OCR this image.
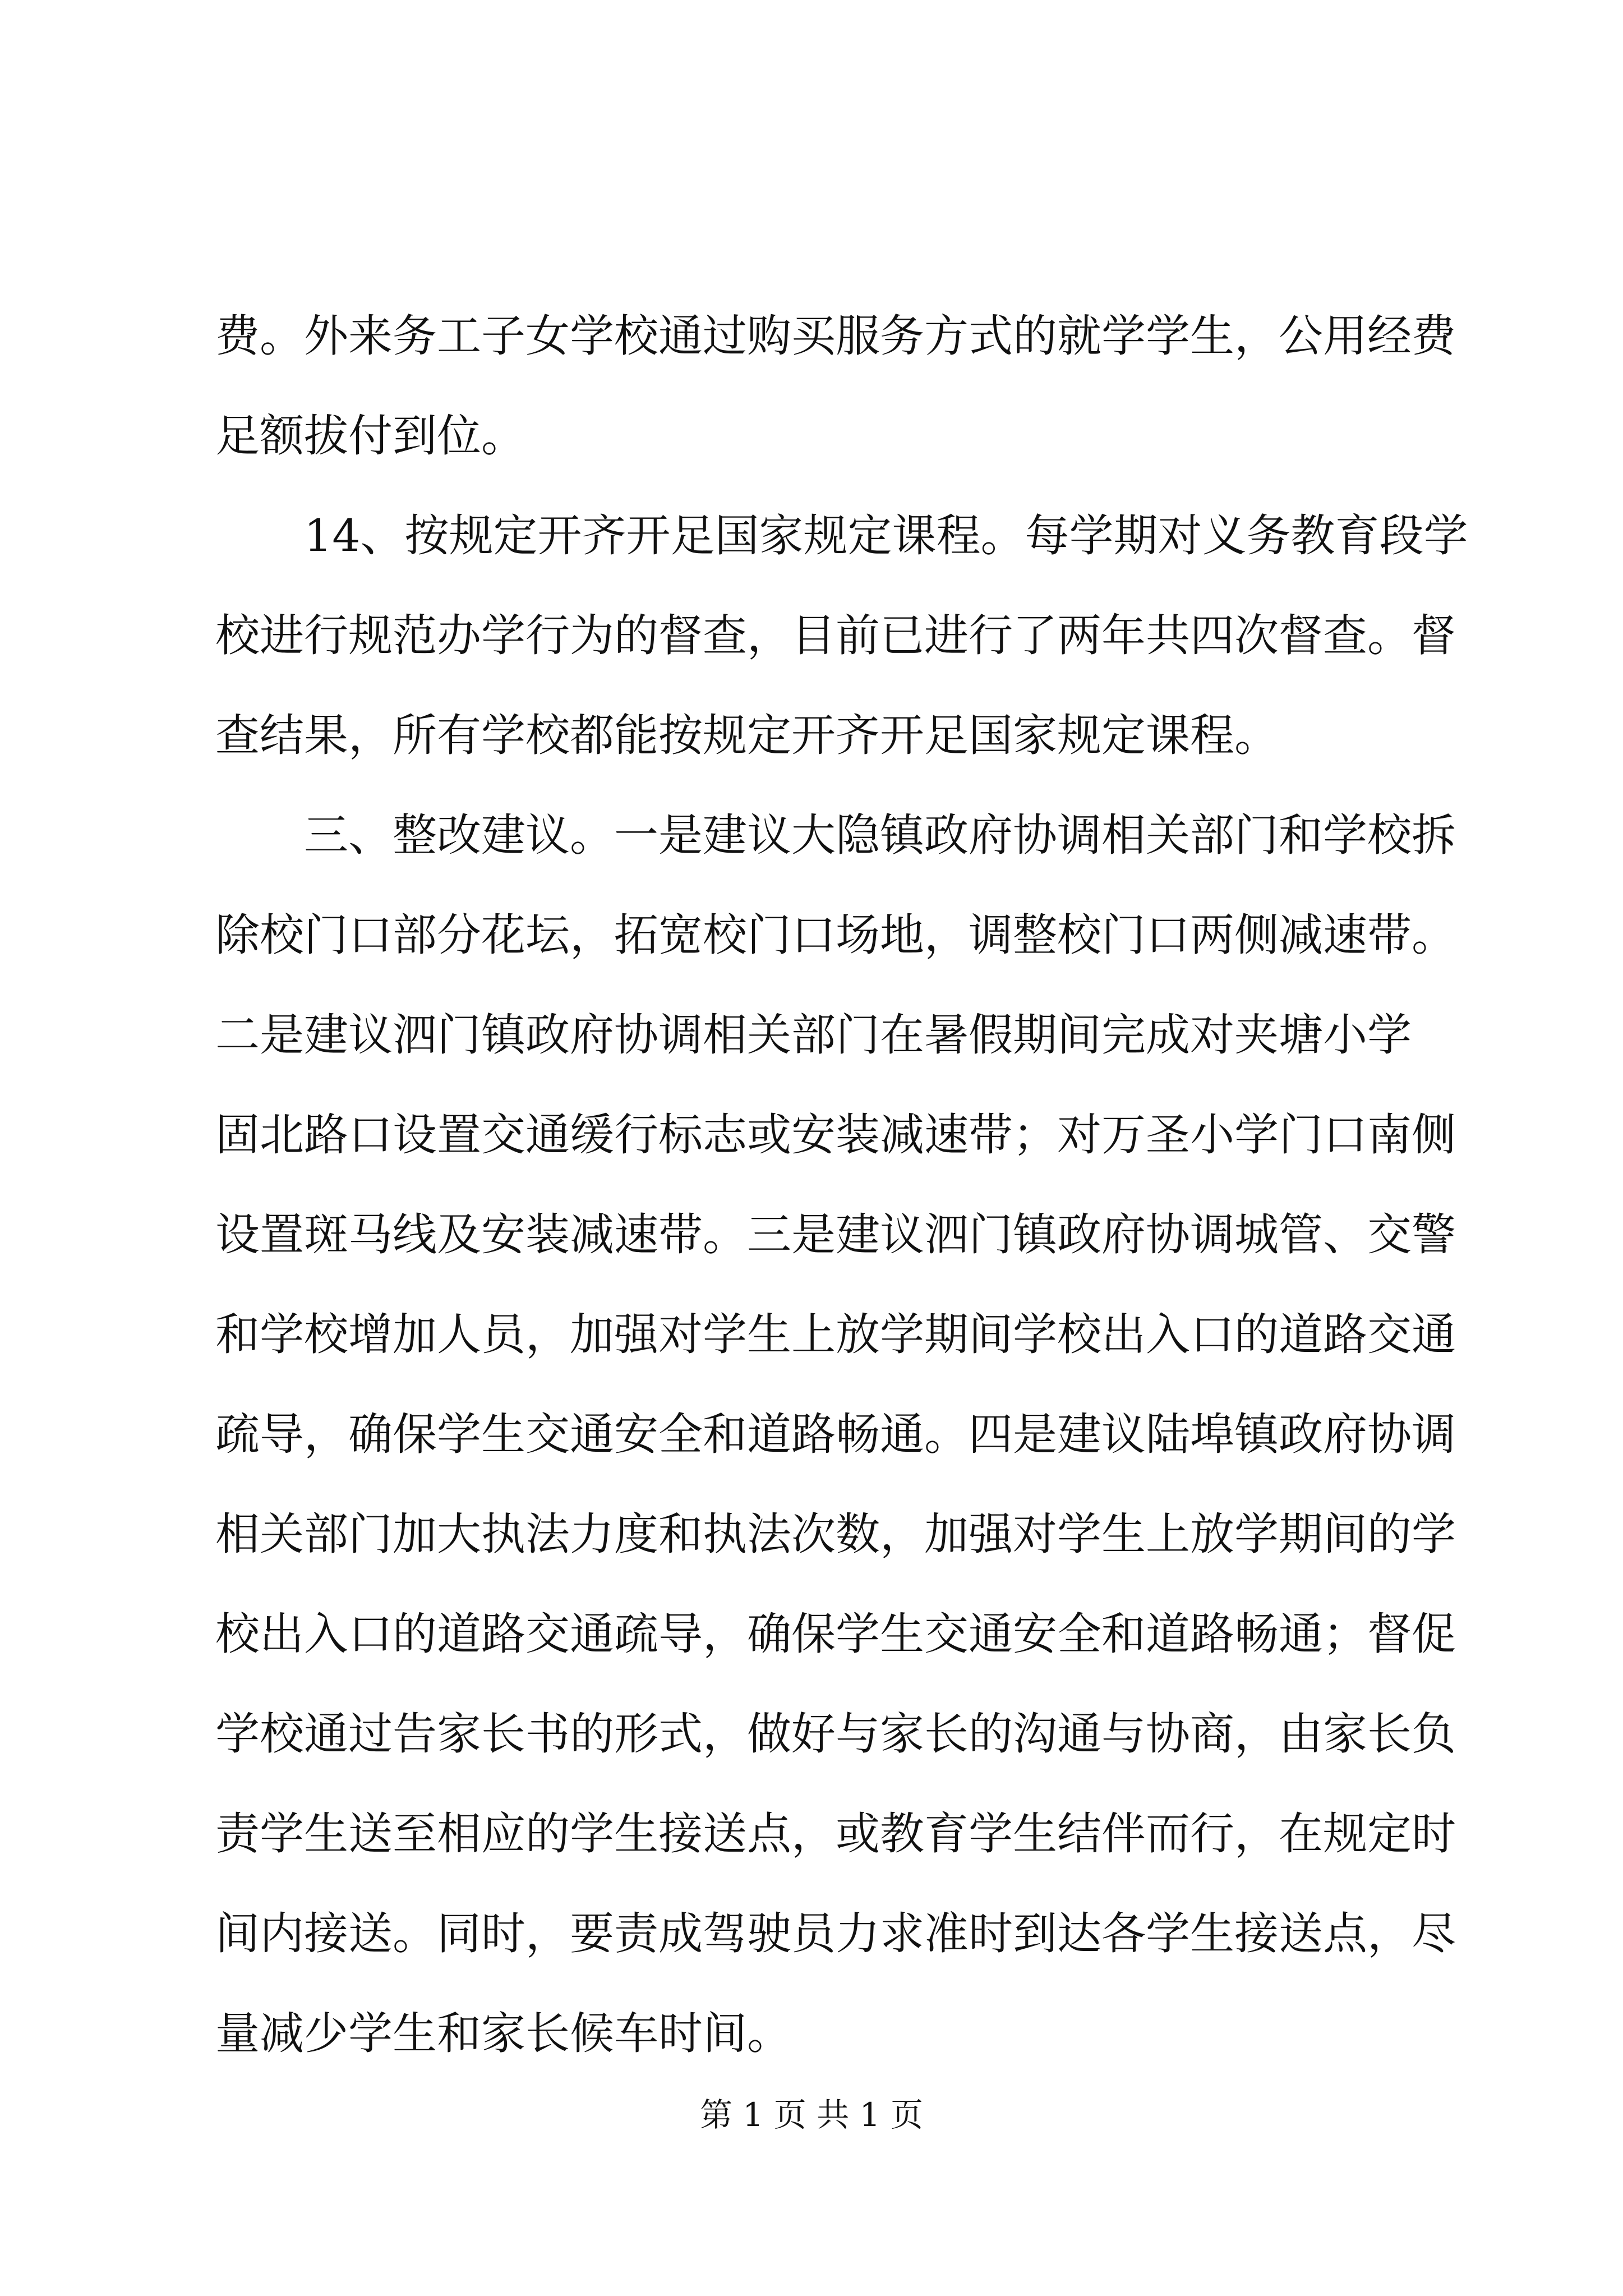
费。外来务工子女学校通过购买服务方式的就学学生，公用经费
足额拔付到位。
14、按规定开齐开足国家规定课程。每学期对义务教育段学
校进行规范办学行为的督查，目前已进行了两年共四次督查。督
查结果，所有学校都能按规定开齐开足国家规定课程。
三、整改建议。一是建议大隐镇政府协调相关部门和学校拆
除校门口部分花坛，拓宽校门口场地，调整校门口两侧减速带。
二是建议泗门镇政府协调相关部门在暑假期间完成对夹塘小学
固北路口设置交通缓行标志或安装减速带；对万圣小学门口南侧
设置斑马线及安装减速带。三是建议泗门镇政府协调城管、交警
和学校增加人员，加强对学生上放学期间学校出入口的道路交通
疏导，确保学生交通安全和道路畅通。四是建议陆埠镇政府协调
相关部门加大执法力度和执法次数，加强对学生上放学期间的学
校出入口的道路交通疏导，确保学生交通安全和道路畅通；督促
学校通过告家长书的形式，做好与家长的沟通与协商，由家长负
责学生送至相应的学生接送点，或教育学生结伴而行，在规定时
间内接送。同时，要责成驾驶员力求准时到达各学生接送点，尽
量减少学生和家长候车时间。
第 1 页 共 1 页
